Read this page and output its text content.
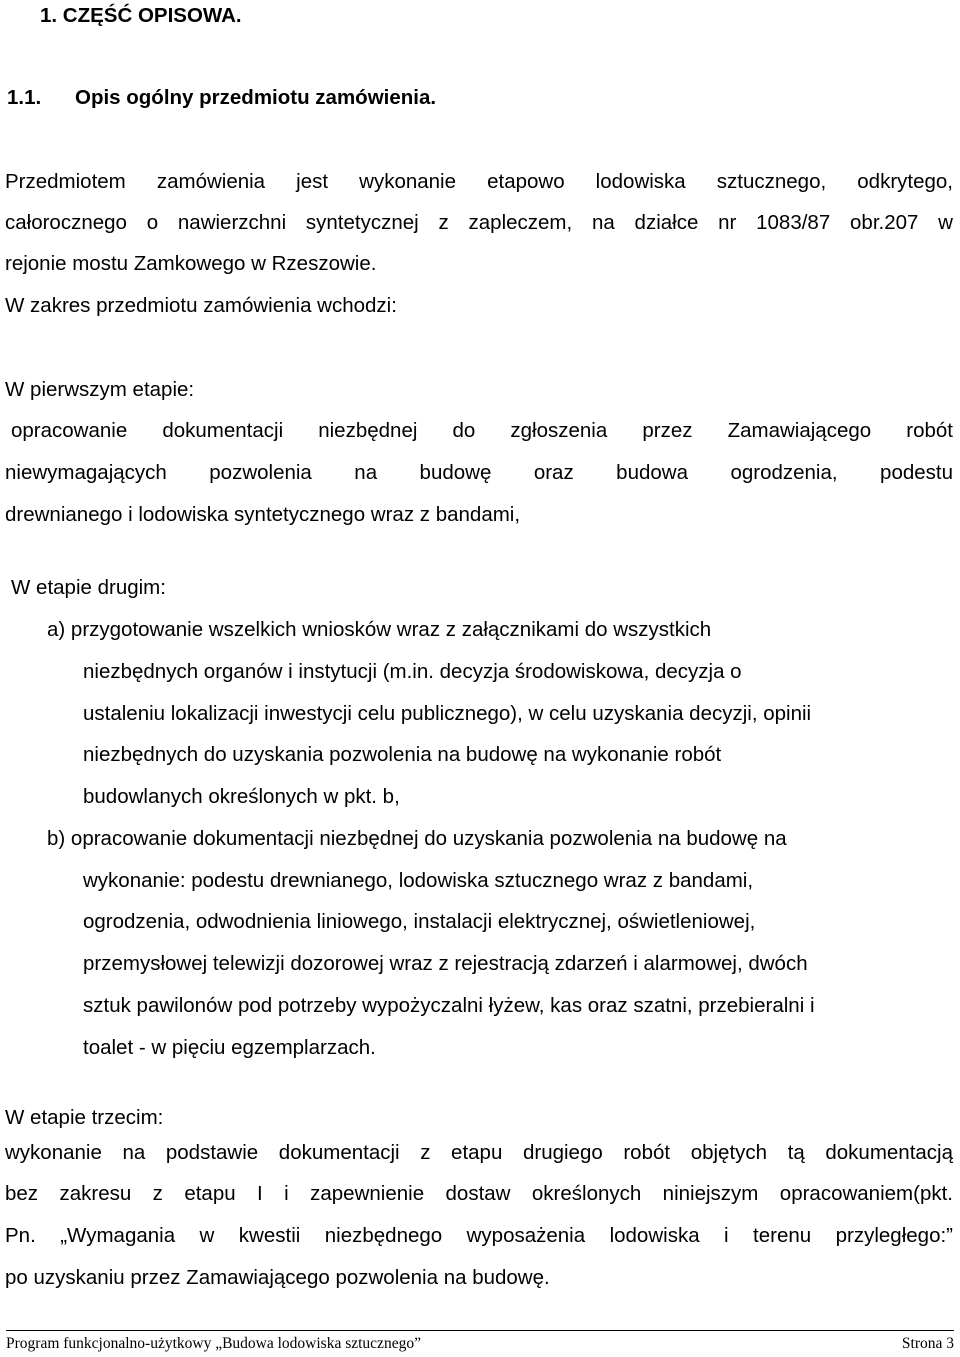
1. CZĘŚĆ OPISOWA.
1.1. Opis ogólny przedmiotu zamówienia.
Przedmiotem zamówienia jest wykonanie etapowo lodowiska sztucznego, odkrytego,
całorocznego o nawierzchni syntetycznej z zapleczem, na działce nr 1083/87 obr.207 w
rejonie mostu Zamkowego w Rzeszowie.
W zakres przedmiotu zamówienia wchodzi:
W pierwszym etapie:
opracowanie dokumentacji niezbędnej do zgłoszenia przez Zamawiającego robót
niewymagających pozwolenia na budowę oraz budowa ogrodzenia, podestu
drewnianego i lodowiska syntetycznego wraz z bandami,
W etapie drugim:
a) przygotowanie wszelkich wniosków wraz z załącznikami do wszystkich
niezbędnych organów i instytucji (m.in. decyzja środowiskowa, decyzja o
ustaleniu lokalizacji inwestycji celu publicznego), w celu uzyskania decyzji, opinii
niezbędnych do uzyskania pozwolenia na budowę na wykonanie robót
budowlanych określonych w pkt. b,
b) opracowanie dokumentacji niezbędnej do uzyskania pozwolenia na budowę na
wykonanie: podestu drewnianego, lodowiska sztucznego wraz z bandami,
ogrodzenia, odwodnienia liniowego, instalacji elektrycznej, oświetleniowej,
przemysłowej telewizji dozorowej wraz z rejestracją zdarzeń i alarmowej, dwóch
sztuk pawilonów pod potrzeby wypożyczalni łyżew, kas oraz szatni, przebieralni i
toalet - w pięciu egzemplarzach.
W etapie trzecim:
wykonanie na podstawie dokumentacji z etapu drugiego robót objętych tą dokumentacją
bez zakresu z etapu I i zapewnienie dostaw określonych niniejszym opracowaniem(pkt.
Pn. „Wymagania w kwestii niezbędnego wyposażenia lodowiska i terenu przyległego:”
po uzyskaniu przez Zamawiającego pozwolenia na budowę.
Program funkcjonalno-użytkowy „Budowa lodowiska sztucznego”	Strona 3
